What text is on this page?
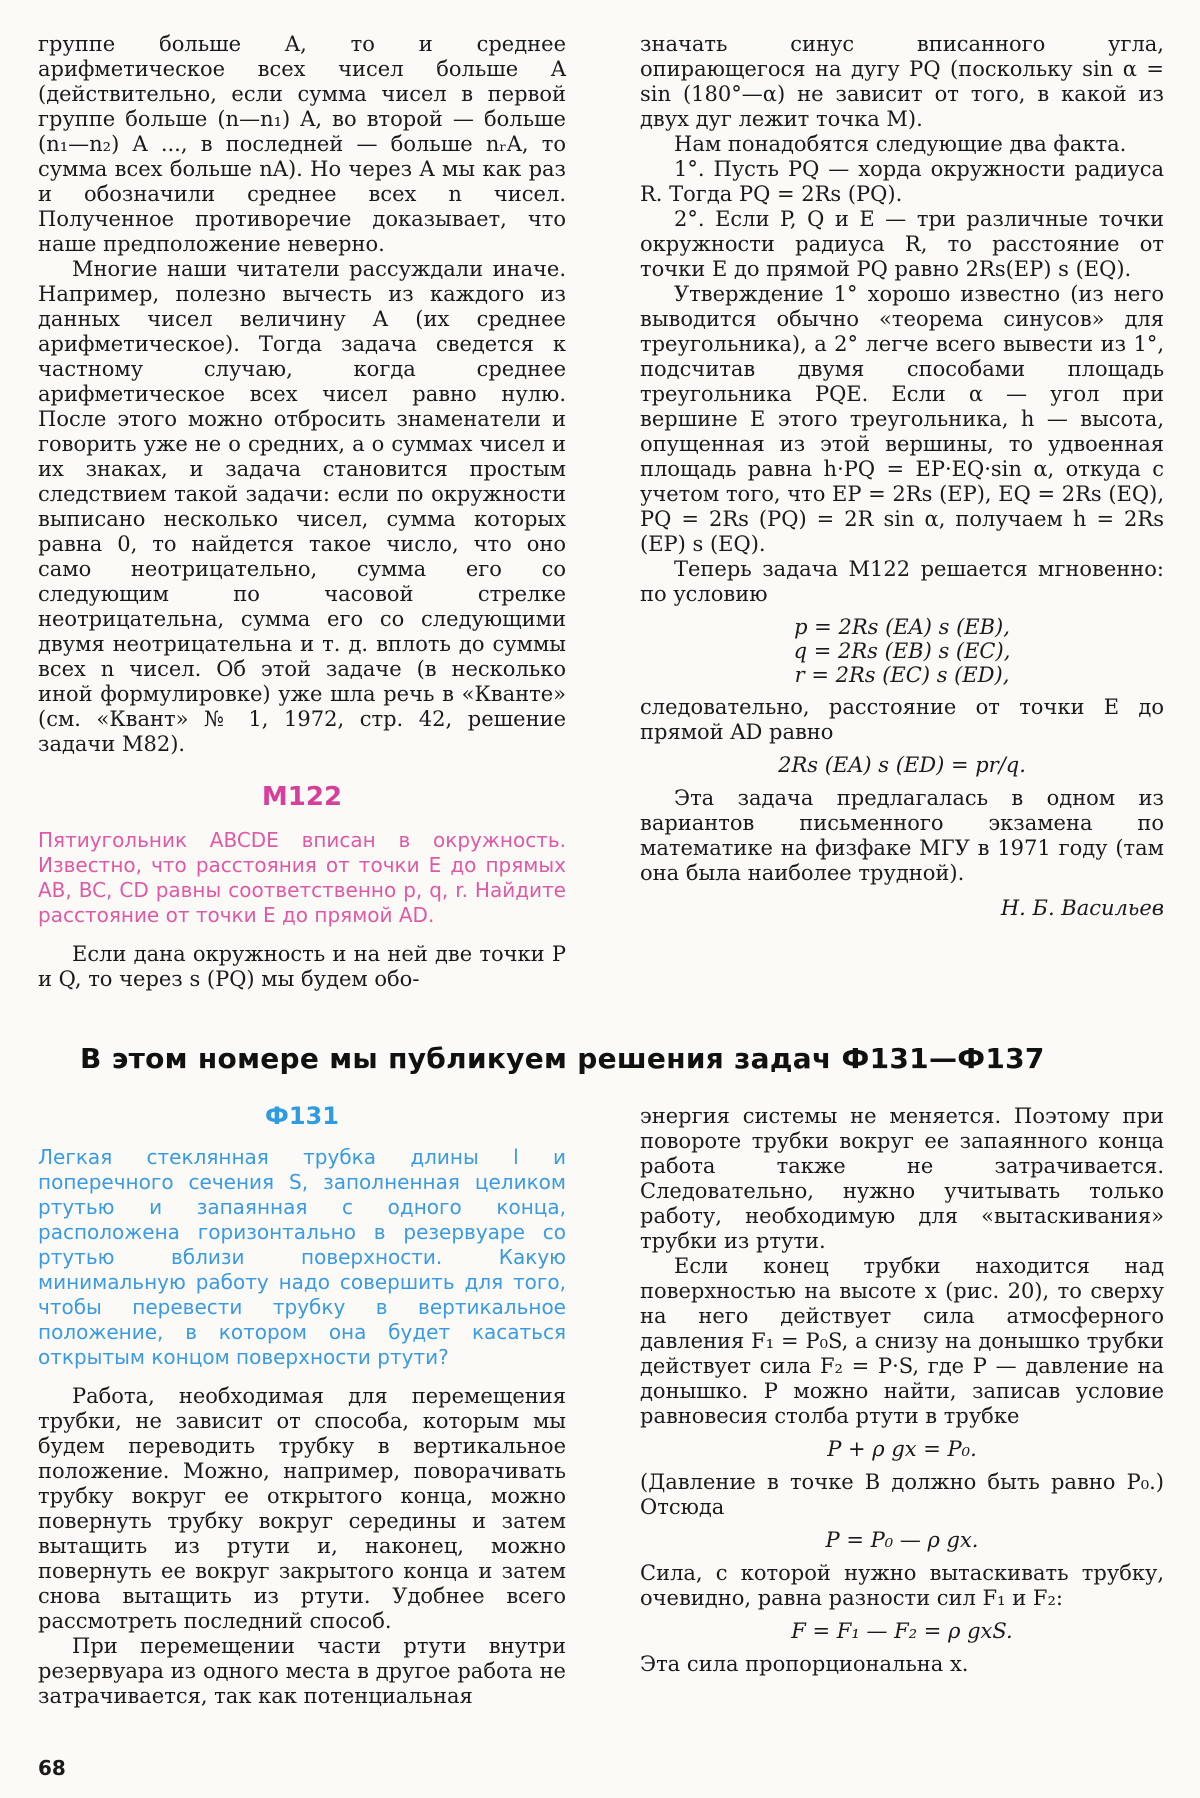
группе больше A, то и среднее арифметическое всех чисел больше A (действительно, если сумма чисел в первой группе больше (n—n₁) A, во второй — больше (n₁—n₂) A ..., в последней — больше nᵣA, то сумма всех больше nA). Но через A мы как раз и обозначили среднее всех n чисел. Полученное противоречие доказывает, что наше предположение неверно.

Многие наши читатели рассуждали иначе. Например, полезно вычесть из каждого из данных чисел величину A (их среднее арифметическое). Тогда задача сведется к частному случаю, когда среднее арифметическое всех чисел равно нулю. После этого можно отбросить знаменатели и говорить уже не о средних, а о суммах чисел и их знаках, и задача становится простым следствием такой задачи: если по окружности выписано несколько чисел, сумма которых равна 0, то найдется такое число, что оно само неотрицательно, сумма его со следующим по часовой стрелке неотрицательна, сумма его со следующими двумя неотрицательна и т. д. вплоть до суммы всех n чисел. Об этой задаче (в несколько иной формулировке) уже шла речь в «Кванте» (см. «Квант» № 1, 1972, стр. 42, решение задачи М82).

М122

Пятиугольник ABCDE вписан в окружность. Известно, что расстояния от точки E до прямых AB, BC, CD равны соответственно p, q, r. Найдите расстояние от точки E до прямой AD.

Если дана окружность и на ней две точки P и Q, то через s (PQ) мы будем обо-

значать синус вписанного угла, опирающегося на дугу PQ (поскольку sin α = sin (180°—α) не зависит от того, в какой из двух дуг лежит точка M).

Нам понадобятся следующие два факта.

1°. Пусть PQ — хорда окружности радиуса R. Тогда PQ = 2Rs (PQ).

2°. Если P, Q и E — три различные точки окружности радиуса R, то расстояние от точки E до прямой PQ равно 2Rs(EP) s (EQ).

Утверждение 1° хорошо известно (из него выводится обычно «теорема синусов» для треугольника), а 2° легче всего вывести из 1°, подсчитав двумя способами площадь треугольника PQE. Если α — угол при вершине E этого треугольника, h — высота, опущенная из этой вершины, то удвоенная площадь равна h·PQ = EP·EQ·sin α, откуда с учетом того, что EP = 2Rs (EP), EQ = 2Rs (EQ), PQ = 2Rs (PQ) = 2R sin α, получаем h = 2Rs (EP) s (EQ).

Теперь задача М122 решается мгновенно: по условию

p = 2Rs (EA) s (EB),
q = 2Rs (EB) s (EC),
r = 2Rs (EC) s (ED),

следовательно, расстояние от точки E до прямой AD равно

2Rs (EA) s (ED) = pr/q.

Эта задача предлагалась в одном из вариантов письменного экзамена по математике на физфаке МГУ в 1971 году (там она была наиболее трудной).

Н. Б. Васильев
В этом номере мы публикуем решения задач Ф131—Ф137
Ф131

Легкая стеклянная трубка длины l и поперечного сечения S, заполненная целиком ртутью и запаянная с одного конца, расположена горизонтально в резервуаре со ртутью вблизи поверхности. Какую минимальную работу надо совершить для того, чтобы перевести трубку в вертикальное положение, в котором она будет касаться открытым концом поверхности ртути?

Работа, необходимая для перемещения трубки, не зависит от способа, которым мы будем переводить трубку в вертикальное положение. Можно, например, поворачивать трубку вокруг ее открытого конца, можно повернуть трубку вокруг середины и затем вытащить из ртути и, наконец, можно повернуть ее вокруг закрытого конца и затем снова вытащить из ртути. Удобнее всего рассмотреть последний способ.

При перемещении части ртути внутри резервуара из одного места в другое работа не затрачивается, так как потенциальная

энергия системы не меняется. Поэтому при повороте трубки вокруг ее запаянного конца работа также не затрачивается. Следовательно, нужно учитывать только работу, необходимую для «вытаскивания» трубки из ртути.

Если конец трубки находится над поверхностью на высоте x (рис. 20), то сверху на него действует сила атмосферного давления F₁ = P₀S, а снизу на донышко трубки действует сила F₂ = P·S, где P — давление на донышко. P можно найти, записав условие равновесия столба ртути в трубке

P + ρ gx = P₀.

(Давление в точке B должно быть равно P₀.) Отсюда

P = P₀ — ρ gx.

Сила, с которой нужно вытаскивать трубку, очевидно, равна разности сил F₁ и F₂:

F = F₁ — F₂ = ρ gxS.

Эта сила пропорциональна x.

68
